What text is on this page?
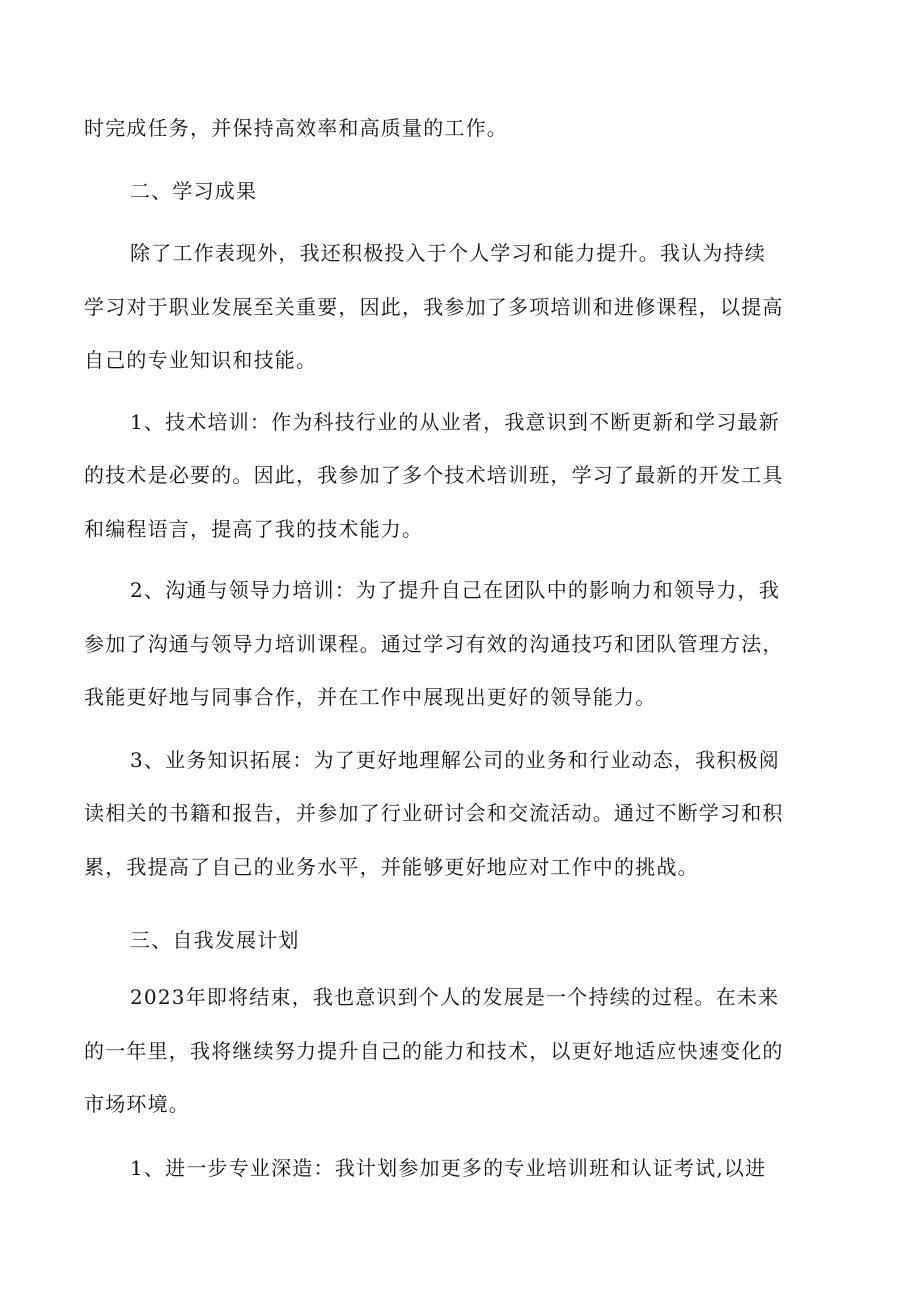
时完成任务，并保持高效率和高质量的工作。
二、学习成果
除了工作表现外，我还积极投入于个人学习和能力提升。我认为持续
学习对于职业发展至关重要，因此，我参加了多项培训和进修课程，以提高
自己的专业知识和技能。
1、技术培训：作为科技行业的从业者，我意识到不断更新和学习最新
的技术是必要的。因此，我参加了多个技术培训班，学习了最新的开发工具
和编程语言，提高了我的技术能力。
2、沟通与领导力培训：为了提升自己在团队中的影响力和领导力，我
参加了沟通与领导力培训课程。通过学习有效的沟通技巧和团队管理方法，
我能更好地与同事合作，并在工作中展现出更好的领导能力。
3、业务知识拓展：为了更好地理解公司的业务和行业动态，我积极阅
读相关的书籍和报告，并参加了行业研讨会和交流活动。通过不断学习和积
累，我提高了自己的业务水平，并能够更好地应对工作中的挑战。
三、自我发展计划
2023年即将结束，我也意识到个人的发展是一个持续的过程。在未来
的一年里，我将继续努力提升自己的能力和技术，以更好地适应快速变化的
市场环境。
1、进一步专业深造：我计划参加更多的专业培训班和认证考试,以进
